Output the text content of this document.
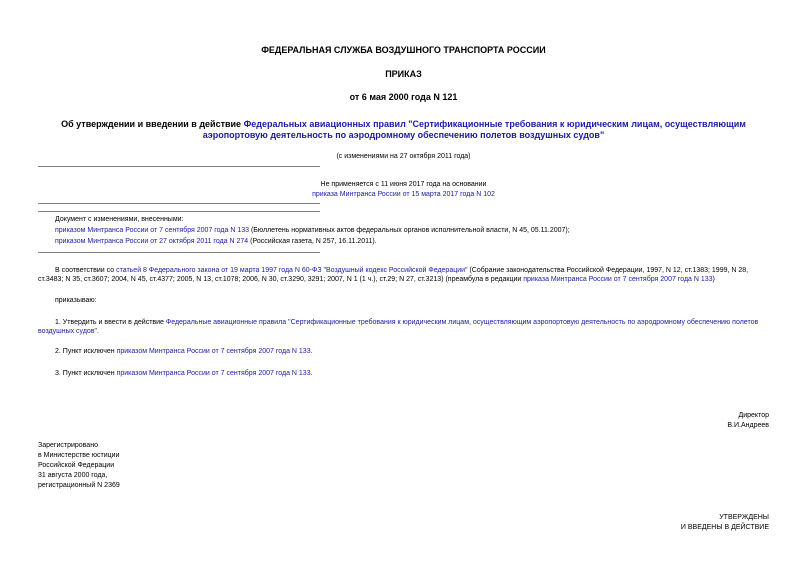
ФЕДЕРАЛЬНАЯ СЛУЖБА ВОЗДУШНОГО ТРАНСПОРТА РОССИИ
ПРИКАЗ
от 6 мая 2000 года N 121
Об утверждении и введении в действие Федеральных авиационных правил "Сертификационные требования к юридическим лицам, осуществляющим аэропортовую деятельность по аэродромному обеспечению полетов воздушных судов"
(с изменениями на 27 октября 2011 года)
Не применяется с 11 июня 2017 года на основании
приказа Минтранса России от 15 марта 2017 года N 102
Документ с изменениями, внесенными:
приказом Минтранса России от 7 сентября 2007 года N 133 (Бюллетень нормативных актов федеральных органов исполнительной власти, N 45, 05.11.2007);
приказом Минтранса России от 27 октября 2011 года N 274 (Российская газета, N 257, 16.11.2011).
В соответствии со статьей 8 Федерального закона от 19 марта 1997 года N 60-ФЗ "Воздушный кодекс Российской Федерации" (Собрание законодательства Российской Федерации, 1997, N 12, ст.1383; 1999, N 28, ст.3483; N 35, ст.3607; 2004, N 45, ст.4377; 2005, N 13, ст.1078; 2006, N 30, ст.3290, 3291; 2007, N 1 (1 ч.), ст.29; N 27, ст.3213) (преамбула в редакции приказа Минтранса России от 7 сентября 2007 года N 133)
приказываю:
1. Утвердить и ввести в действие Федеральные авиационные правила "Сертификационные требования к юридическим лицам, осуществляющим аэропортовую деятельность по аэродромному обеспечению полетов воздушных судов".
2. Пункт исключен приказом Минтранса России от 7 сентября 2007 года N 133.
3. Пункт исключен приказом Минтранса России от 7 сентября 2007 года N 133.
Директор
В.И.Андреев
Зарегистрировано
в Министерстве юстиции
Российской Федерации
31 августа 2000 года,
регистрационный N 2369
УТВЕРЖДЕНЫ
И ВВЕДЕНЫ В ДЕЙСТВИЕ
